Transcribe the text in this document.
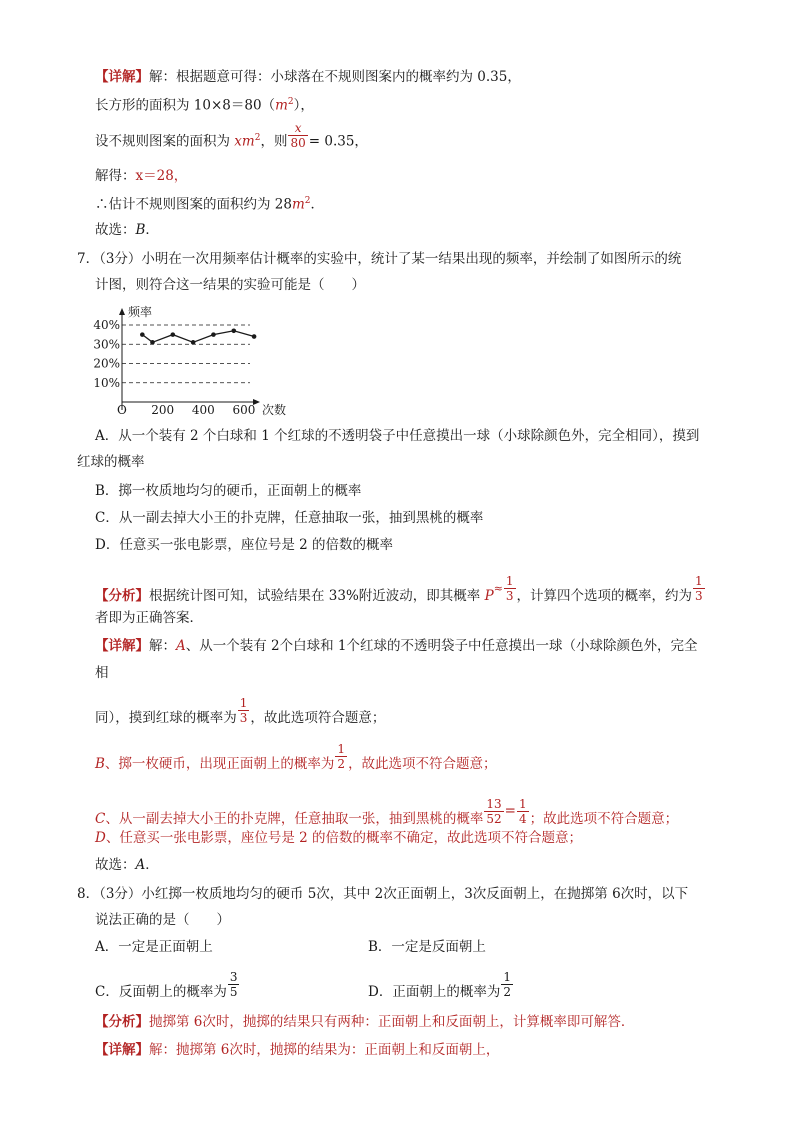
【详解】解：根据题意可得：小球落在不规则图案内的概率约为 0.35，
长方形的面积为 $10\times 8=80(m^2)$，
设不规则图案的面积为 $xm^2$，则 $\frac{x}{80} = 0.35$，
解得：x＝28，
∴估计不规则图案的面积约为 $28m^2$．
故选：B．
7．（3分）小明在一次用频率估计概率的实验中，统计了某一结果出现的频率，并绘制了如图所示的统
计图，则符合这一结果的实验可能是（　　）
频率
次数
O
10%
20%
30%
40%
200 400 600
A．从一个装有 2 个白球和 1 个红球的不透明袋子中任意摸出一球（小球除颜色外，完全相同），摸到
红球的概率
B．掷一枚质地均匀的硬币，正面朝上的概率
C．从一副去掉大小王的扑克牌，任意抽取一张，抽到黑桃的概率
D．任意买一张电影票，座位号是 2 的倍数的概率
【分析】根据统计图可知，试验结果在 33%附近波动，即其概率 $P^\approx \frac{1}{3}$ ，计算四个选项的概率，约为 $\frac{1}{3}$
者即为正确答案．
【详解】解：A、从一个装有 2个白球和 1个红球的不透明袋子中任意摸出一球（小球除颜色外，完全
相
同），摸到红球的概率为 $\frac{1}{3}$ ，故此选项符合题意；
B、掷一枚硬币，出现正面朝上的概率为 $\frac{1}{2}$ ，故此选项不符合题意；
C、从一副去掉大小王的扑克牌，任意抽取一张，抽到黑桃的概率 $\frac{13}{52} = \frac{1}{4}$ ；故此选项不符合题意；
D、任意买一张电影票，座位号是 2 的倍数的概率不确定，故此选项不符合题意；
故选：A．
8．（3分）小红掷一枚质地均匀的硬币 5次，其中 2次正面朝上，3次反面朝上，在抛掷第 6次时，以下
说法正确的是（　　）
A．一定是正面朝上	B．一定是反面朝上
C．反面朝上的概率为 $\frac{3}{5}$	D．正面朝上的概率为 $\frac{1}{2}$
【分析】抛掷第 6次时，抛掷的结果只有两种：正面朝上和反面朝上，计算概率即可解答．
【详解】解：抛掷第 6次时，抛掷的结果为：正面朝上和反面朝上，
